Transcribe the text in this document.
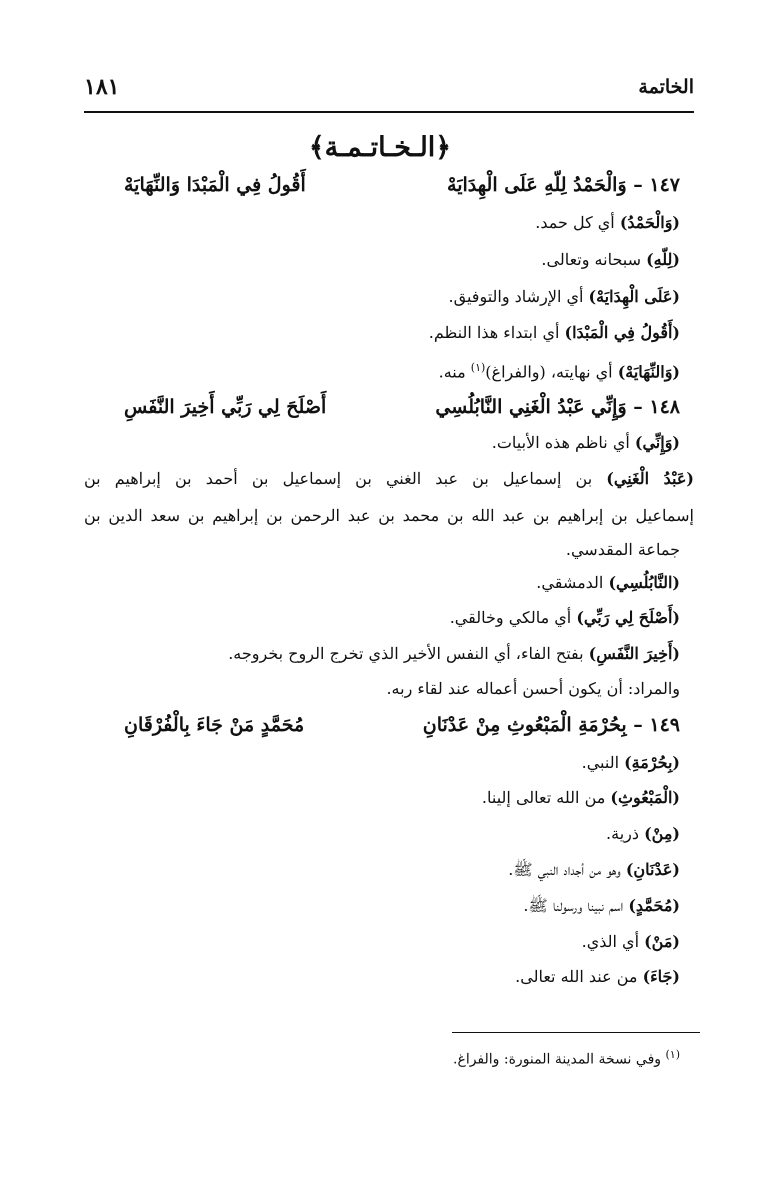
الخاتمة
١٨١
﴿الـخـاتـمـة﴾
١٤٧ – وَالْحَمْدُ لِلّهِ عَلَى الْهِدَايَهْ
أَقُولُ فِي الْمَبْدَا وَالنِّهَايَهْ
(وَالْحَمْدُ) أي كل حمد.
(لِلّهِ) سبحانه وتعالى.
(عَلَى الْهِدَايَهْ) أي الإرشاد والتوفيق.
(أَقُولُ فِي الْمَبْدَا) أي ابتداء هذا النظم.
(وَالنِّهَايَهْ) أي نهايته، (والفراغ)$^{(١)}$ منه.
١٤٨ – وَإِنِّي عَبْدُ الْغَنِي النَّابُلُسِي
أَصْلَحَ لِي رَبِّي أَخِيرَ النَّفَسِ
(وَإِنِّي) أي ناظم هذه الأبيات.
(عَبْدُ الْغَنِي) بن إسماعيل بن عبد الغني بن إسماعيل بن أحمد بن إبراهيم بن
إسماعيل بن إبراهيم بن عبد الله بن محمد بن عبد الرحمن بن إبراهيم بن سعد الدين بن
جماعة المقدسي.
(النَّابُلُسِي) الدمشقي.
(أَصْلَحَ لِي رَبِّي) أي مالكي وخالقي.
(أَخِيرَ النَّفَسِ) بفتح الفاء، أي النفس الأخير الذي تخرج الروح بخروجه.
والمراد: أن يكون أحسن أعماله عند لقاء ربه.
١٤٩ – بِحُرْمَةِ الْمَبْعُوثِ مِنْ عَدْنَانِ
مُحَمَّدٍ مَنْ جَاءَ بِالْفُرْقَانِ
(بِحُرْمَةِ) النبي.
(الْمَبْعُوثِ) من الله تعالى إلينا.
(مِنْ) ذرية.
(عَدْنَانِ) وهو من أجداد النبي ﷺ.
(مُحَمَّدٍ) اسم نبينا ورسولنا ﷺ.
(مَنْ) أي الذي.
(جَاءَ) من عند الله تعالى.
$^{(١)}$ وفي نسخة المدينة المنورة: والفراغ.
